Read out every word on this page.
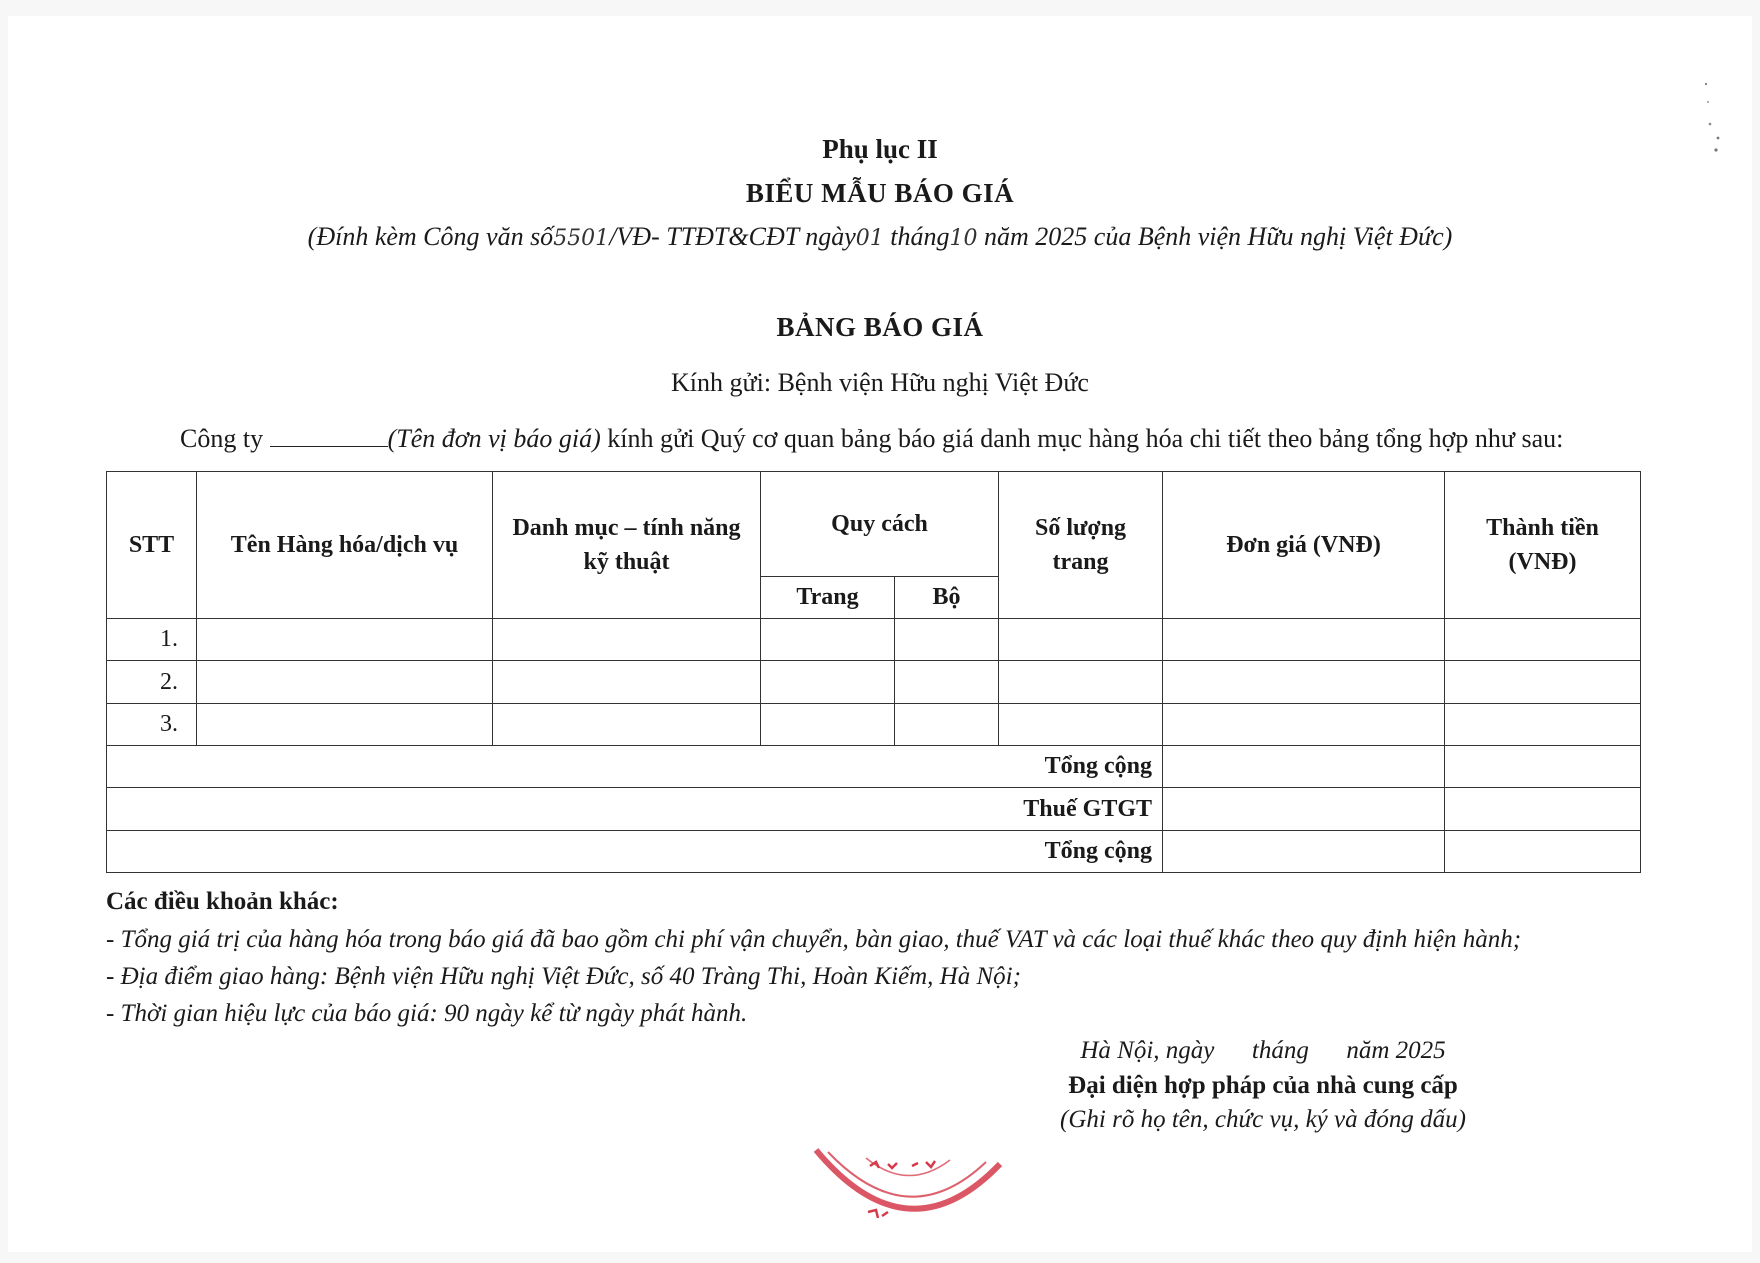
Phụ lục II
BIỂU MẪU BÁO GIÁ
(Đính kèm Công văn số5501/VĐ- TTĐT&CĐT ngày01 tháng10 năm 2025 của Bệnh viện Hữu nghị Việt Đức)
BẢNG BÁO GIÁ
Kính gửi: Bệnh viện Hữu nghị Việt Đức
Công ty	(Tên đơn vị báo giá) kính gửi Quý cơ quan bảng báo giá danh mục hàng hóa chi tiết theo bảng tổng hợp như sau:
STT	Tên Hàng hóa/dịch vụ	Danh mục – tính năng kỹ thuật	Quy cách		Số lượng trang	Đơn giá (VNĐ)	Thành tiền (VNĐ)
			Trang	Bộ			
1.							
2.							
3.							
Tổng cộng							
Thuế GTGT							
Tổng cộng							
Các điều khoản khác:
- Tổng giá trị của hàng hóa trong báo giá đã bao gồm chi phí vận chuyển, bàn giao, thuế VAT và các loại thuế khác theo quy định hiện hành;
- Địa điểm giao hàng: Bệnh viện Hữu nghị Việt Đức, số 40 Tràng Thi, Hoàn Kiếm, Hà Nội;
- Thời gian hiệu lực của báo giá: 90 ngày kể từ ngày phát hành.
Hà Nội, ngày      tháng      năm 2025
Đại diện hợp pháp của nhà cung cấp
(Ghi rõ họ tên, chức vụ, ký và đóng dấu)
